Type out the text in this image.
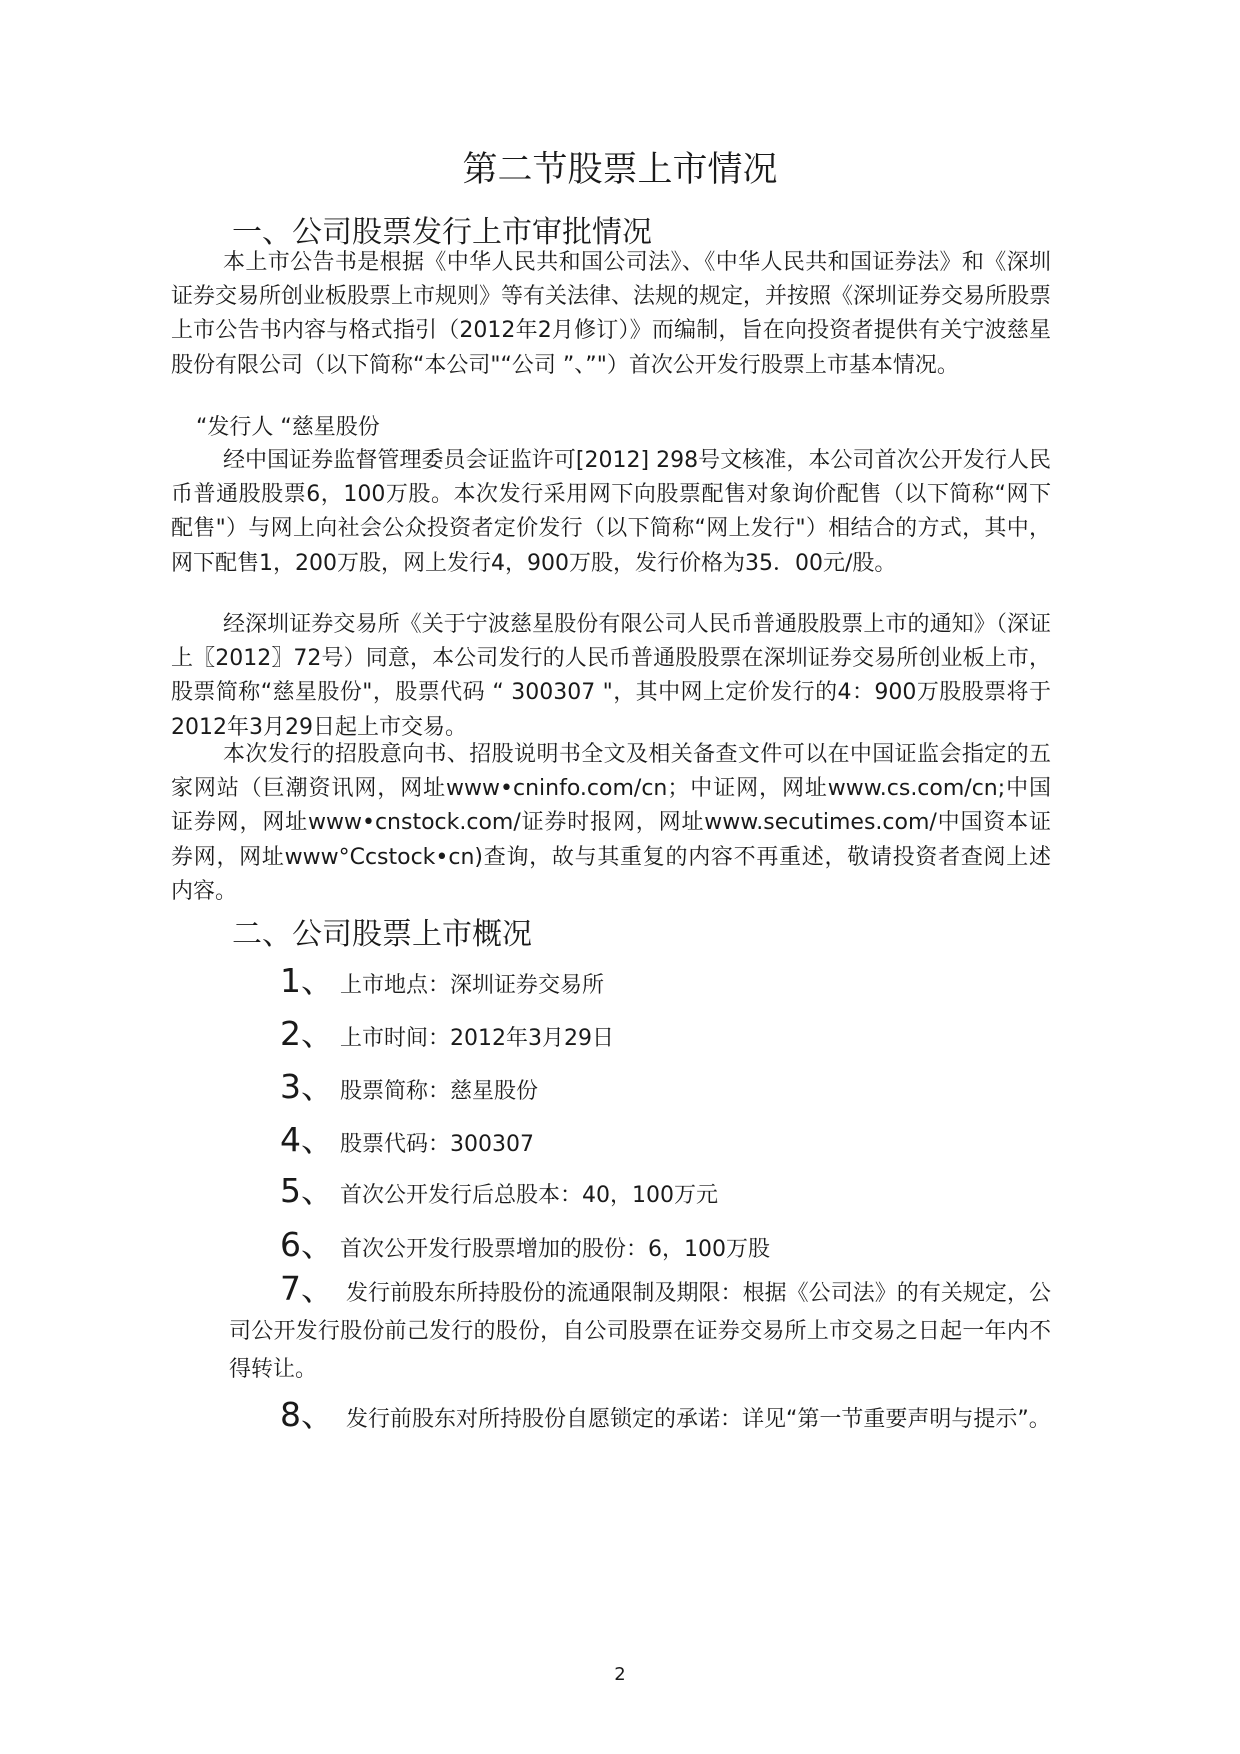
第二节股票上市情况
一、公司股票发行上市审批情况

本上市公告书是根据《中华人民共和国公司法》、《中华人民共和国证券法》和《深圳证券交易所创业板股票上市规则》等有关法律、法规的规定，并按照《深圳证券交易所股票上市公告书内容与格式指引（2012年2月修订）》而编制，旨在向投资者提供有关宁波慈星股份有限公司（以下简称“本公司"“公司 ”、”"）首次公开发行股票上市基本情况。

“发行人 “慈星股份

经中国证券监督管理委员会证监许可[2012] 298号文核准，本公司首次公开发行人民币普通股股票6，100万股。本次发行采用网下向股票配售对象询价配售（以下简称“网下配售"）与网上向社会公众投资者定价发行（以下简称“网上发行"）相结合的方式，其中，网下配售1，200万股，网上发行4，900万股，发行价格为35．00元/股。

经深圳证券交易所《关于宁波慈星股份有限公司人民币普通股股票上市的通知》（深证上〖2012〗72号）同意，本公司发行的人民币普通股股票在深圳证券交易所创业板上市，股票简称“慈星股份"，股票代码 “ 300307 "，其中网上定价发行的4：900万股股票将于2012年3月29日起上市交易。

本次发行的招股意向书、招股说明书全文及相关备查文件可以在中国证监会指定的五家网站（巨潮资讯网，网址www•cninfo.com/cn；中证网，网址www.cs.com/cn;中国证券网，网址www•cnstock.com/证券时报网，网址www.secutimes.com/中国资本证券网，网址www°Ccstock•cn)查询，故与其重复的内容不再重述，敬请投资者查阅上述内容。

二、公司股票上市概况
1、 上市地点：深圳证券交易所
2、 上市时间：2012年3月29日
3、 股票简称：慈星股份
4、 股票代码：300307
5、 首次公开发行后总股本：40，100万元
6、 首次公开发行股票增加的股份：6，100万股

7、 发行前股东所持股份的流通限制及期限：根据《公司法》的有关规定，公司公开发行股份前己发行的股份，自公司股票在证券交易所上市交易之日起一年内不得转让。

8、 发行前股东对所持股份自愿锁定的承诺：详见“第一节重要声明与提示”。

2
